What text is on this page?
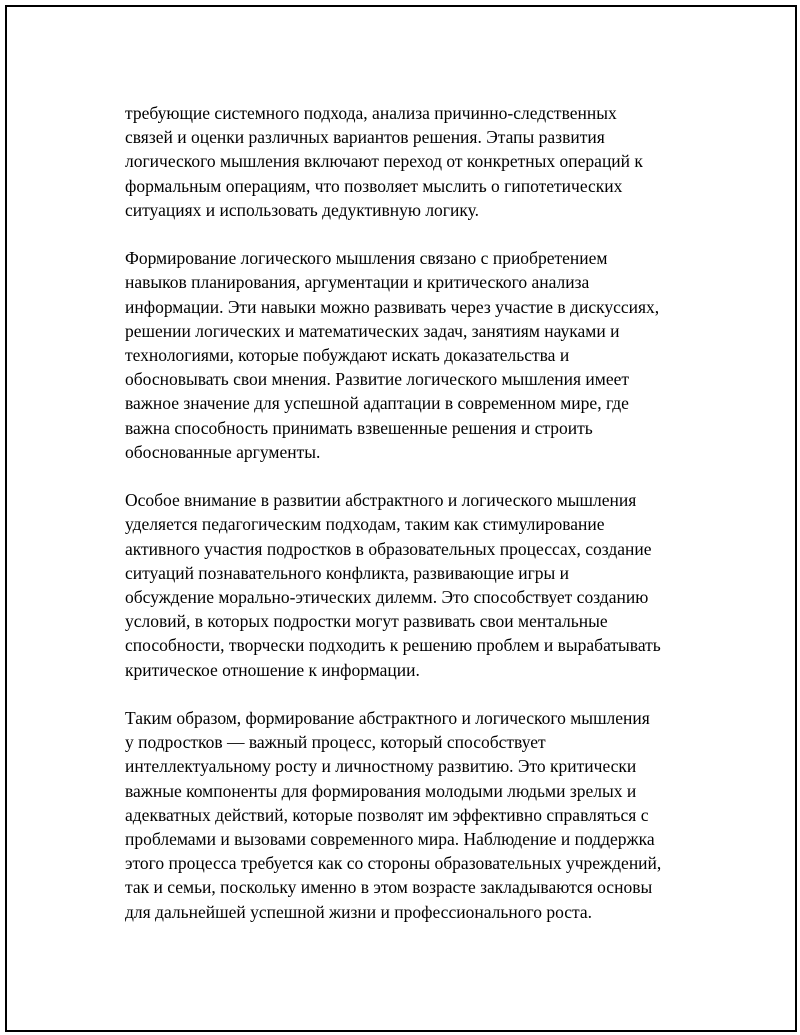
требующие системного подхода, анализа причинно-следственных
связей и оценки различных вариантов решения. Этапы развития
логического мышления включают переход от конкретных операций к
формальным операциям, что позволяет мыслить о гипотетических
ситуациях и использовать дедуктивную логику.

Формирование логического мышления связано с приобретением
навыков планирования, аргументации и критического анализа
информации. Эти навыки можно развивать через участие в дискуссиях,
решении логических и математических задач, занятиям науками и
технологиями, которые побуждают искать доказательства и
обосновывать свои мнения. Развитие логического мышления имеет
важное значение для успешной адаптации в современном мире, где
важна способность принимать взвешенные решения и строить
обоснованные аргументы.

Особое внимание в развитии абстрактного и логического мышления
уделяется педагогическим подходам, таким как стимулирование
активного участия подростков в образовательных процессах, создание
ситуаций познавательного конфликта, развивающие игры и
обсуждение морально-этических дилемм. Это способствует созданию
условий, в которых подростки могут развивать свои ментальные
способности, творчески подходить к решению проблем и вырабатывать
критическое отношение к информации.

Таким образом, формирование абстрактного и логического мышления
у подростков — важный процесс, который способствует
интеллектуальному росту и личностному развитию. Это критически
важные компоненты для формирования молодыми людьми зрелых и
адекватных действий, которые позволят им эффективно справляться с
проблемами и вызовами современного мира. Наблюдение и поддержка
этого процесса требуется как со стороны образовательных учреждений,
так и семьи, поскольку именно в этом возрасте закладываются основы
для дальнейшей успешной жизни и профессионального роста.
